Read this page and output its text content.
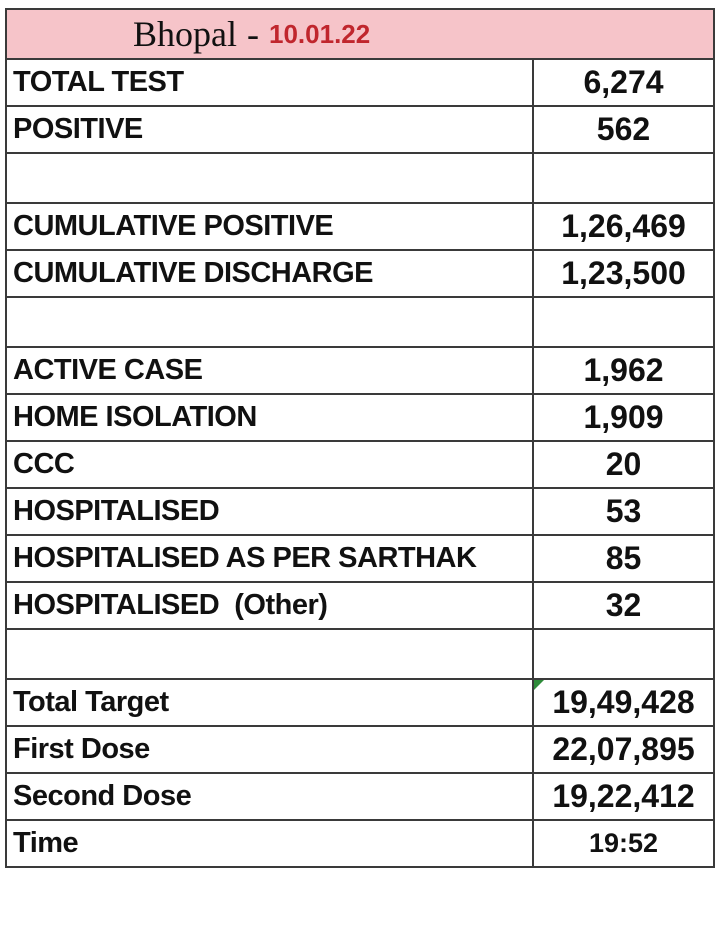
Bhopal - 10.01.22
TOTAL TEST	6,274
POSITIVE	562

CUMULATIVE POSITIVE	1,26,469
CUMULATIVE DISCHARGE	1,23,500

ACTIVE CASE	1,962
HOME ISOLATION	1,909
CCC	20
HOSPITALISED	53
HOSPITALISED AS PER SARTHAK	85
HOSPITALISED  (Other)	32

Total Target	19,49,428
First Dose	22,07,895
Second Dose	19,22,412
Time	19:52
